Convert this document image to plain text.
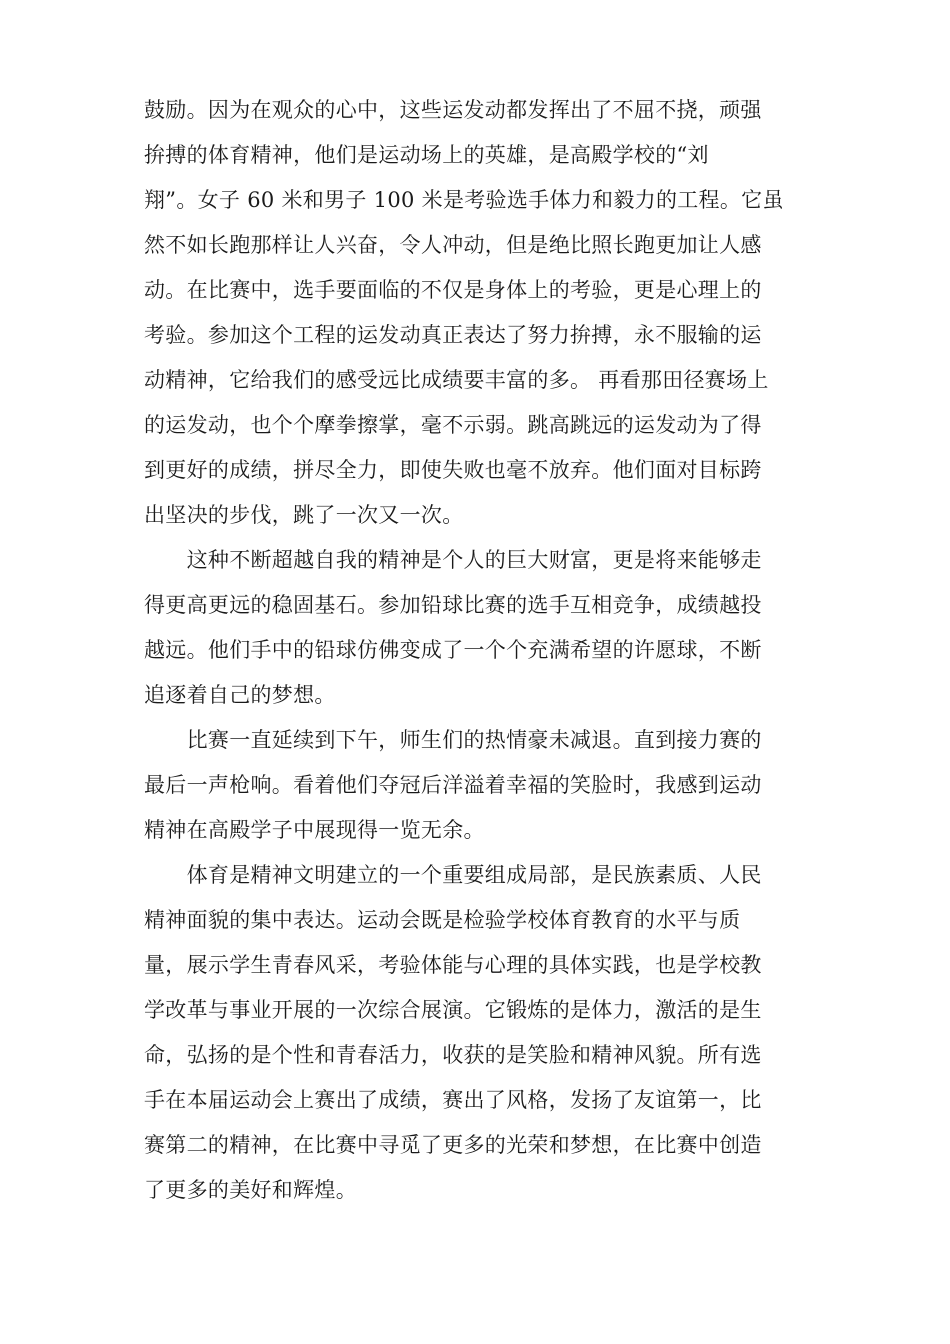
鼓励。因为在观众的心中，这些运发动都发挥出了不屈不挠，顽强
拚搏的体育精神，他们是运动场上的英雄，是高殿学校的“刘
翔”。女子 60 米和男子 100 米是考验选手体力和毅力的工程。它虽
然不如长跑那样让人兴奋，令人冲动，但是绝比照长跑更加让人感
动。在比赛中，选手要面临的不仅是身体上的考验，更是心理上的
考验。参加这个工程的运发动真正表达了努力拚搏，永不服输的运
动精神，它给我们的感受远比成绩要丰富的多。 再看那田径赛场上
的运发动，也个个摩拳擦掌，毫不示弱。跳高跳远的运发动为了得
到更好的成绩，拼尽全力，即使失败也毫不放弃。他们面对目标跨
出坚决的步伐，跳了一次又一次。
　　这种不断超越自我的精神是个人的巨大财富，更是将来能够走
得更高更远的稳固基石。参加铅球比赛的选手互相竞争，成绩越投
越远。他们手中的铅球仿佛变成了一个个充满希望的许愿球，不断
追逐着自己的梦想。
　　比赛一直延续到下午，师生们的热情豪未减退。直到接力赛的
最后一声枪响。看着他们夺冠后洋溢着幸福的笑脸时，我感到运动
精神在高殿学子中展现得一览无余。
　　体育是精神文明建立的一个重要组成局部，是民族素质、人民
精神面貌的集中表达。运动会既是检验学校体育教育的水平与质
量，展示学生青春风采，考验体能与心理的具体实践，也是学校教
学改革与事业开展的一次综合展演。它锻炼的是体力，激活的是生
命，弘扬的是个性和青春活力，收获的是笑脸和精神风貌。所有选
手在本届运动会上赛出了成绩，赛出了风格，发扬了友谊第一，比
赛第二的精神，在比赛中寻觅了更多的光荣和梦想，在比赛中创造
了更多的美好和辉煌。
